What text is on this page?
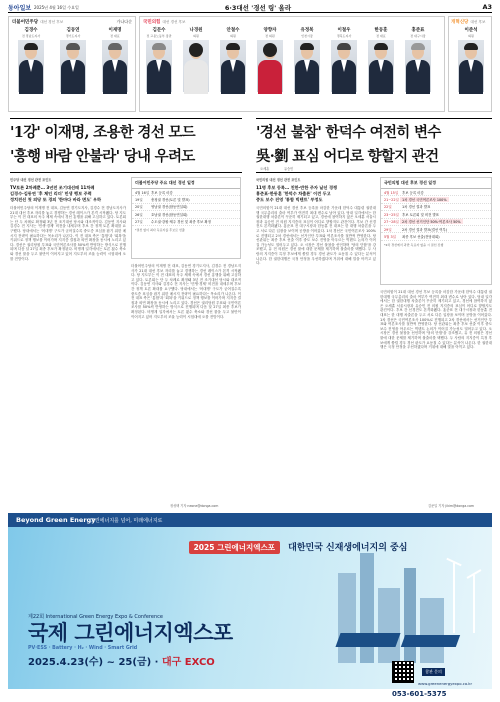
동아일보 2025년 4월 16일 수요일	6·3대선 '경선 링' 올라	A3
더불어민주당 대선 경선 후보	가나다순
김경수
전 경남도지사
김동연
경기도지사
이재명
전 대표
국민의힘 대선 경선 후보
김문수
전 고용노동부 장관
나경원
의원
안철수
의원
양향자
전 의원
유정복
인천시장
이철우
경북도지사
한동훈
전 대표
홍준표
전 대구시장
개혁신당 대선 후보
이준석
의원
'1강' 이재명, 조용한 경선 모드
'흥행 바람 안불라' 당내 우려도
민주당 대선 경선 관전 포인트
TV토론 2차례뿐… 3년전 조기대선때 11차례
김경수·김동연 '후 체인 리더' 민생 행보 주력
정치전선 첫 의당 또 경의 '한마다 바라 면도' 우하
더불어민주당의 이재명 전 대표, 김동연 경기도지사, 김경수 전 경남도지사가 21대 대선 후보 자리를 놓고 경쟁하는 경선 레이스가 본격 시작됐다. 당 지도부는 이 전 대표의 독주 체제 속에서 경선 흥행을 위해 고심하고 있다. 토론회는 단 두 차례로 확정돼 3년 전 조기대선 당시와 대조적이다. 김동연 지사와 김경수 전 지사는 '민생·경제' 비전을 내세우며 후보 간 정책 토론 확대를 요구했다. 당내에서는 '어대명' 구도가 굳어질수록 중도층 표심을 잡기 위한 메시지 전략이 필요하다는 목소리가 나온다. 이 전 대표 측은 '통합'과 '회복'을 키워드로 정책 행보를 이어가며 지지층 결집과 외연 확장을 동시에 노리고 있다. 경선은 권리당원 투표와 국민여론조사를 50%씩 반영하는 방식으로 진행되며 다음 달 27일 최종 후보가 확정된다. 비명계 일각에서는 토론 횟수 축소와 경선 룰을 두고 불만이 이어지고 있어 지도부의 조율 능력이 시험대에 오를 전망이다.
더불어민주당 주요 대선 경선 일정
4월 16일 후보 등록 마감
19일	충청권 경선(토론 및 발표)
20일	영남권 경선(합동연설회)
26일	호남권 경선(합동연설회)
27일	수도권·강원·제주 경선 및 최종 후보 확정
*결선 없이 최다 득표자를 후보로 선출
더불어민주당의 이재명 전 대표, 김동연 경기도지사, 김경수 전 경남도지사가 21대 대선 후보 자리를 놓고 경쟁하는 경선 레이스가 본격 시작됐다. 당 지도부는 이 전 대표의 독주 체제 속에서 경선 흥행을 위해 고심하고 있다. 토론회는 단 두 차례로 확정돼 3년 전 조기대선 당시와 대조적이다. 김동연 지사와 김경수 전 지사는 '민생·경제' 비전을 내세우며 후보 간 정책 토론 확대를 요구했다. 당내에서는 '어대명' 구도가 굳어질수록 중도층 표심을 잡기 위한 메시지 전략이 필요하다는 목소리가 나온다. 이 전 대표 측은 '통합'과 '회복'을 키워드로 정책 행보를 이어가며 지지층 결집과 외연 확장을 동시에 노리고 있다. 경선은 권리당원 투표와 국민여론조사를 50%씩 반영하는 방식으로 진행되며 다음 달 27일 최종 후보가 확정된다. 비명계 일각에서는 토론 횟수 축소와 경선 룰을 두고 불만이 이어지고 있어 지도부의 조율 능력이 시험대에 오를 전망이다.
정성택 기자 neone@donga.com
'경선 불참' 한덕수 여전히 변수
吳·劉 표심 어디로 향할지 관건
오세훈	유승민
국민의힘 대선 경선 관전 포인트
11명 후보 등록… 친한·반한 주자 날선 경쟁
홍준표·한동훈 '한덕수 차출론' 이견 두고
중도 보수 진영 '통합 빅텐트' 부정도
국민의힘이 21대 대선 경선 후보 등록을 마감한 가운데 한덕수 대통령 권한대행 국무총리의 출마 여부가 여전히 최대 변수로 남아 있다. 당내 일각에서는 한 권한대행 차출론이 꾸준히 제기되고 있고, 경선에 참여하지 않은 오세훈 서울시장과 유승민 전 의원 지지층의 표심이 어디로 향할지도 관건이다. 후보 간 신경전도 본격화됐다. 홍준표 전 대구시장과 한동훈 전 대표는 한 대행 차출론을 두고 서로 다른 입장을 보이며 공방을 이어갔다. 1차 경선은 국민여론조사 100%로 진행되고 2차 경선에서는 선거인단 투표와 여론조사를 절반씩 반영한다. 당 선관위는 최종 후보 선출 이후 중도 보수 진영을 아우르는 빅텐트 논의가 이어질 가능성도 열어두고 있다. 오 시장은 경선 불참을 선언하며 '당의 단합'을 강조했고, 유 전 의원은 경선 룰에 대한 문제를 제기하며 불출마를 택했다. 두 사람의 지지층이 특정 후보에게 쏠릴 경우 경선 판도가 요동칠 수 있다는 분석이 나온다. 한 권한대행은 국정 안정을 우선하겠다며 거취에 대해 말을 아끼고 있다.
국민의힘 대선 후보 경선 일정
4월 15일	후보 등록 마감
21~22일 1차 경선 국민여론조사 100%
22일	1차 경선 결과 발표
23~25일 후보 토론회 및 비전 발표
27~28일 2차 경선 선거인단 50%·여론조사 50%
29일	2차 경선 결과 발표(결선 여부)
5월 3일	최종 후보 선출(전당대회)
*2차 경선에서 과반 득표자 없을 시 결선 진행
국민의힘이 21대 대선 경선 후보 등록을 마감한 가운데 한덕수 대통령 권한대행 국무총리의 출마 여부가 여전히 최대 변수로 남아 있다. 당내 일각에서는 한 권한대행 차출론이 꾸준히 제기되고 있고, 경선에 참여하지 않은 오세훈 서울시장과 유승민 전 의원 지지층의 표심이 어디로 향할지도 관건이다. 후보 간 신경전도 본격화됐다. 홍준표 전 대구시장과 한동훈 전 대표는 한 대행 차출론을 두고 서로 다른 입장을 보이며 공방을 이어갔다. 1차 경선은 국민여론조사 100%로 진행되고 2차 경선에서는 선거인단 투표와 여론조사를 절반씩 반영한다. 당 선관위는 최종 후보 선출 이후 중도 보수 진영을 아우르는 빅텐트 논의가 이어질 가능성도 열어두고 있다. 오 시장은 경선 불참을 선언하며 '당의 단합'을 강조했고, 유 전 의원은 경선 룰에 대한 문제를 제기하며 불출마를 택했다. 두 사람의 지지층이 특정 후보에게 쏠릴 경우 경선 판도가 요동칠 수 있다는 분석이 나온다. 한 권한대행은 국정 안정을 우선하겠다며 거취에 대해 말을 아끼고 있다.
김준일 기자 jikim@donga.com
Beyond Green Energy
그린에너지를 넘어, 미래에너지로
2025 그린에너지엑스포 대한민국 신재생에너지의 중심
제22회 International Green Energy Expo & Conference
국제 그린에너지엑스포
PV·ESS · Battery · H₂ · Wind · Smart Grid
2025.4.23(수) ~ 25(금) · 대구 EXCO
참관 문의 053-601-5375
www.greenenergyexpo.co.kr
